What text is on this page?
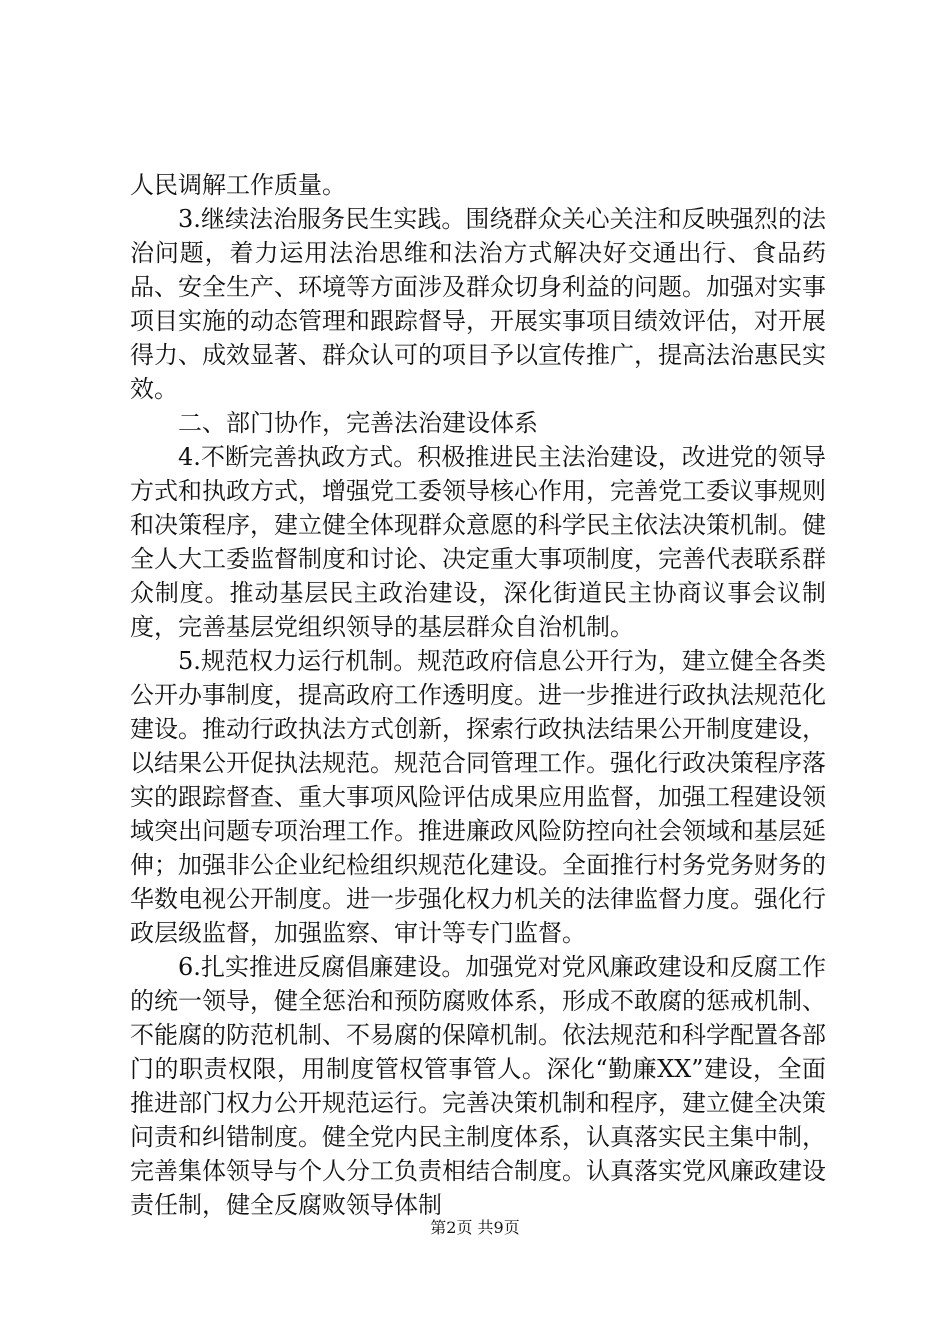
人民调解工作质量。

3.继续法治服务民生实践。围绕群众关心关注和反映强烈的法治问题，着力运用法治思维和法治方式解决好交通出行、食品药品、安全生产、环境等方面涉及群众切身利益的问题。加强对实事项目实施的动态管理和跟踪督导，开展实事项目绩效评估，对开展得力、成效显著、群众认可的项目予以宣传推广，提高法治惠民实效。

二、部门协作，完善法治建设体系

4.不断完善执政方式。积极推进民主法治建设，改进党的领导方式和执政方式，增强党工委领导核心作用，完善党工委议事规则和决策程序，建立健全体现群众意愿的科学民主依法决策机制。健全人大工委监督制度和讨论、决定重大事项制度，完善代表联系群众制度。推动基层民主政治建设，深化街道民主协商议事会议制度，完善基层党组织领导的基层群众自治机制。

5.规范权力运行机制。规范政府信息公开行为，建立健全各类公开办事制度，提高政府工作透明度。进一步推进行政执法规范化建设。推动行政执法方式创新，探索行政执法结果公开制度建设，以结果公开促执法规范。规范合同管理工作。强化行政决策程序落实的跟踪督查、重大事项风险评估成果应用监督，加强工程建设领域突出问题专项治理工作。推进廉政风险防控向社会领域和基层延伸；加强非公企业纪检组织规范化建设。全面推行村务党务财务的华数电视公开制度。进一步强化权力机关的法律监督力度。强化行政层级监督，加强监察、审计等专门监督。

6.扎实推进反腐倡廉建设。加强党对党风廉政建设和反腐工作的统一领导，健全惩治和预防腐败体系，形成不敢腐的惩戒机制、不能腐的防范机制、不易腐的保障机制。依法规范和科学配置各部门的职责权限，用制度管权管事管人。深化“勤廉XX”建设，全面推进部门权力公开规范运行。完善决策机制和程序，建立健全决策问责和纠错制度。健全党内民主制度体系，认真落实民主集中制，完善集体领导与个人分工负责相结合制度。认真落实党风廉政建设责任制，健全反腐败领导体制

第2页 共9页
